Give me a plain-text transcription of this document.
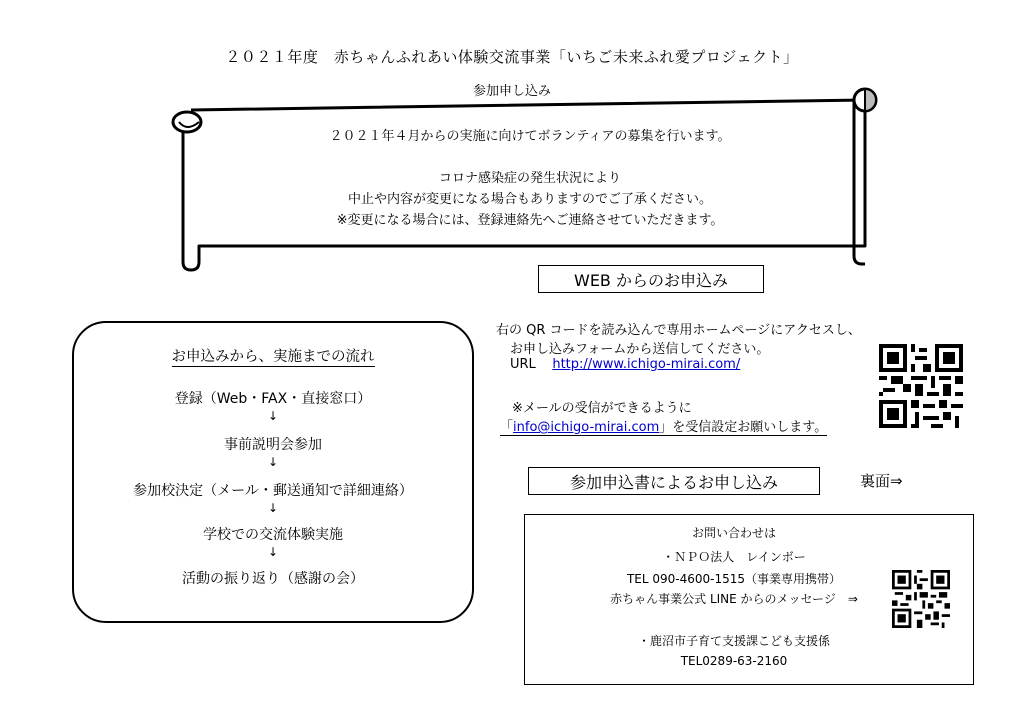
２０２１年度　赤ちゃんふれあい体験交流事業「いちご未来ふれ愛プロジェクト」
参加申し込み
２０２１年４月からの実施に向けてボランティアの募集を行います。
コロナ感染症の発生状況により
中止や内容が変更になる場合もありますのでご了承ください。
※変更になる場合には、登録連絡先へご連絡させていただきます。
WEB からのお申込み
お申込みから、実施までの流れ
登録（Web・FAX・直接窓口）
↓
事前説明会参加
↓
参加校決定（メール・郵送通知で詳細連絡）
↓
学校での交流体験実施
↓
活動の振り返り（感謝の会）
右の QR コードを読み込んで専用ホームページにアクセスし、
お申し込みフォームから送信してください。
URL http://www.ichigo-mirai.com/
※メールの受信ができるように
「info@ichigo-mirai.com」を受信設定お願いします。
参加申込書によるお申し込み	裏面⇒
お問い合わせは
・ＮＰＯ法人　レインボー
TEL 090-4600-1515（事業専用携帯）
赤ちゃん事業公式 LINE からのメッセージ　⇒
・鹿沼市子育て支援課こども支援係
TEL0289-63-2160
